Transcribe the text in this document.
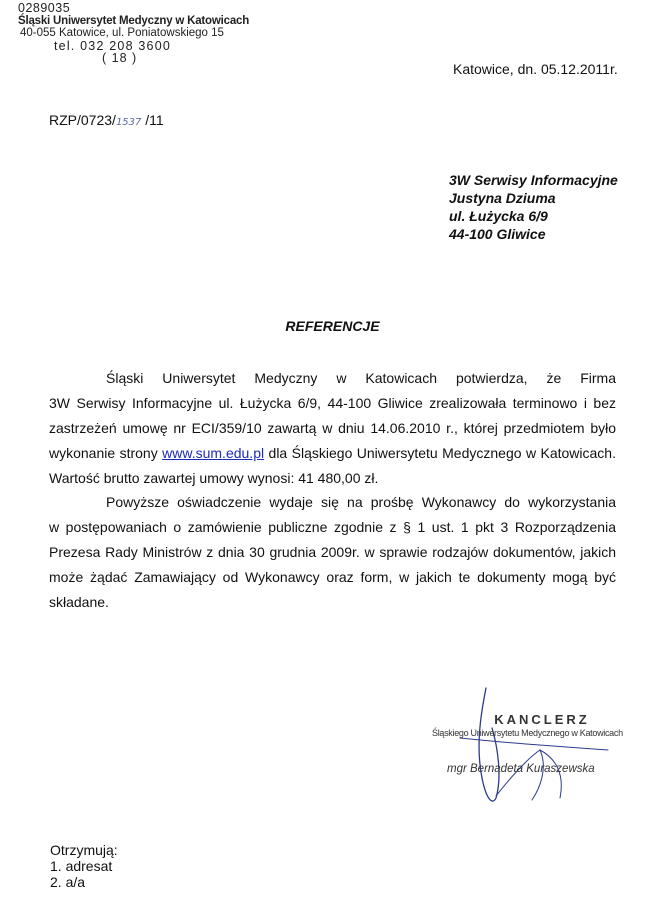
0289035
Śląski Uniwersytet Medyczny w Katowicach
40-055 Katowice, ul. Poniatowskiego 15
tel. 032 208 3600
( 18 )
Katowice, dn. 05.12.2011r.
RZP/0723/1537 /11
3W Serwisy Informacyjne
Justyna Dziuma
ul. Łużycka 6/9
44-100 Gliwice
REFERENCJE
Śląski Uniwersytet Medyczny w Katowicach potwierdza, że Firma
3W Serwisy Informacyjne ul. Łużycka 6/9, 44-100 Gliwice zrealizowała terminowo i bez
zastrzeżeń umowę nr ECI/359/10 zawartą w dniu 14.06.2010 r., której przedmiotem było
wykonanie strony www.sum.edu.pl dla Śląskiego Uniwersytetu Medycznego w Katowicach.
Wartość brutto zawartej umowy wynosi: 41 480,00 zł.
Powyższe oświadczenie wydaje się na prośbę Wykonawcy do wykorzystania
w postępowaniach o zamówienie publiczne zgodnie z § 1 ust. 1 pkt 3 Rozporządzenia
Prezesa Rady Ministrów z dnia 30 grudnia 2009r. w sprawie rodzajów dokumentów, jakich
może żądać Zamawiający od Wykonawcy oraz form, w jakich te dokumenty mogą być
składane.
KANCLERZ
Śląskiego Uniwersytetu Medycznego w Katowicach
mgr Bernadeta Kuraszewska
Otrzymują:
1. adresat
2. a/a
